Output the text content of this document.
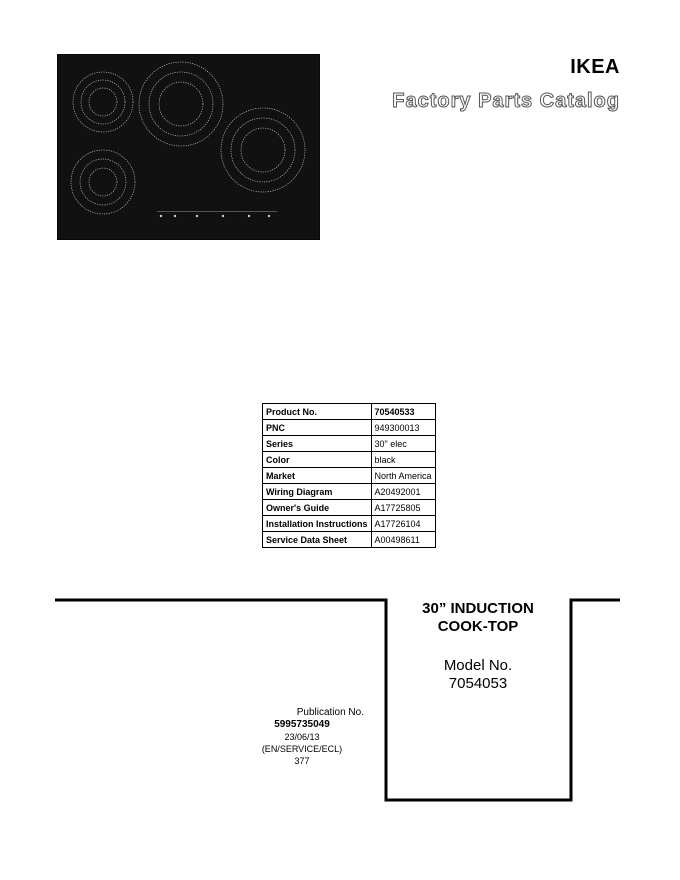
IKEA
Factory Parts Catalog
Product No.	70540533
PNC	949300013
Series	30" elec
Color	black
Market	North America
Wiring Diagram	A20492001
Owner's Guide	A17725805
Installation Instructions	A17726104
Service Data Sheet	A00498611
30” INDUCTION
COOK-TOP
Model No.
7054053
Publication No.

5995735049
23/06/13
(EN/SERVICE/ECL)
377
